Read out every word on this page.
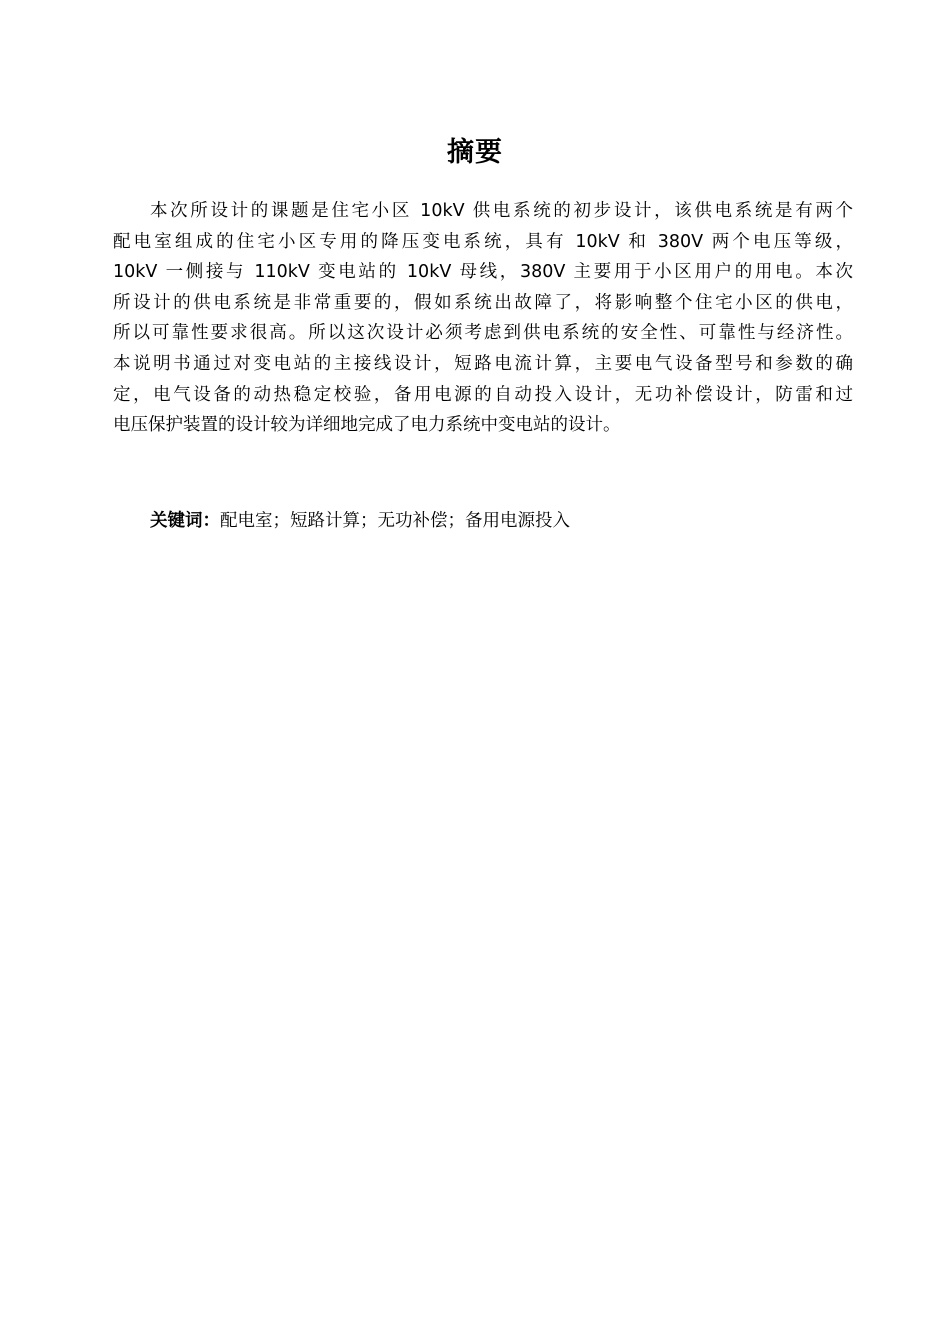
摘要
本次所设计的课题是住宅小区 10kV 供电系统的初步设计，该供电系统是有两个
配电室组成的住宅小区专用的降压变电系统，具有 10kV 和 380V 两个电压等级，
10kV 一侧接与 110kV 变电站的 10kV 母线，380V 主要用于小区用户的用电。本次
所设计的供电系统是非常重要的，假如系统出故障了，将影响整个住宅小区的供电，
所以可靠性要求很高。所以这次设计必须考虑到供电系统的安全性、可靠性与经济性。
本说明书通过对变电站的主接线设计，短路电流计算，主要电气设备型号和参数的确
定，电气设备的动热稳定校验，备用电源的自动投入设计，无功补偿设计，防雷和过
电压保护装置的设计较为详细地完成了电力系统中变电站的设计。
关键词：配电室；短路计算；无功补偿；备用电源投入
